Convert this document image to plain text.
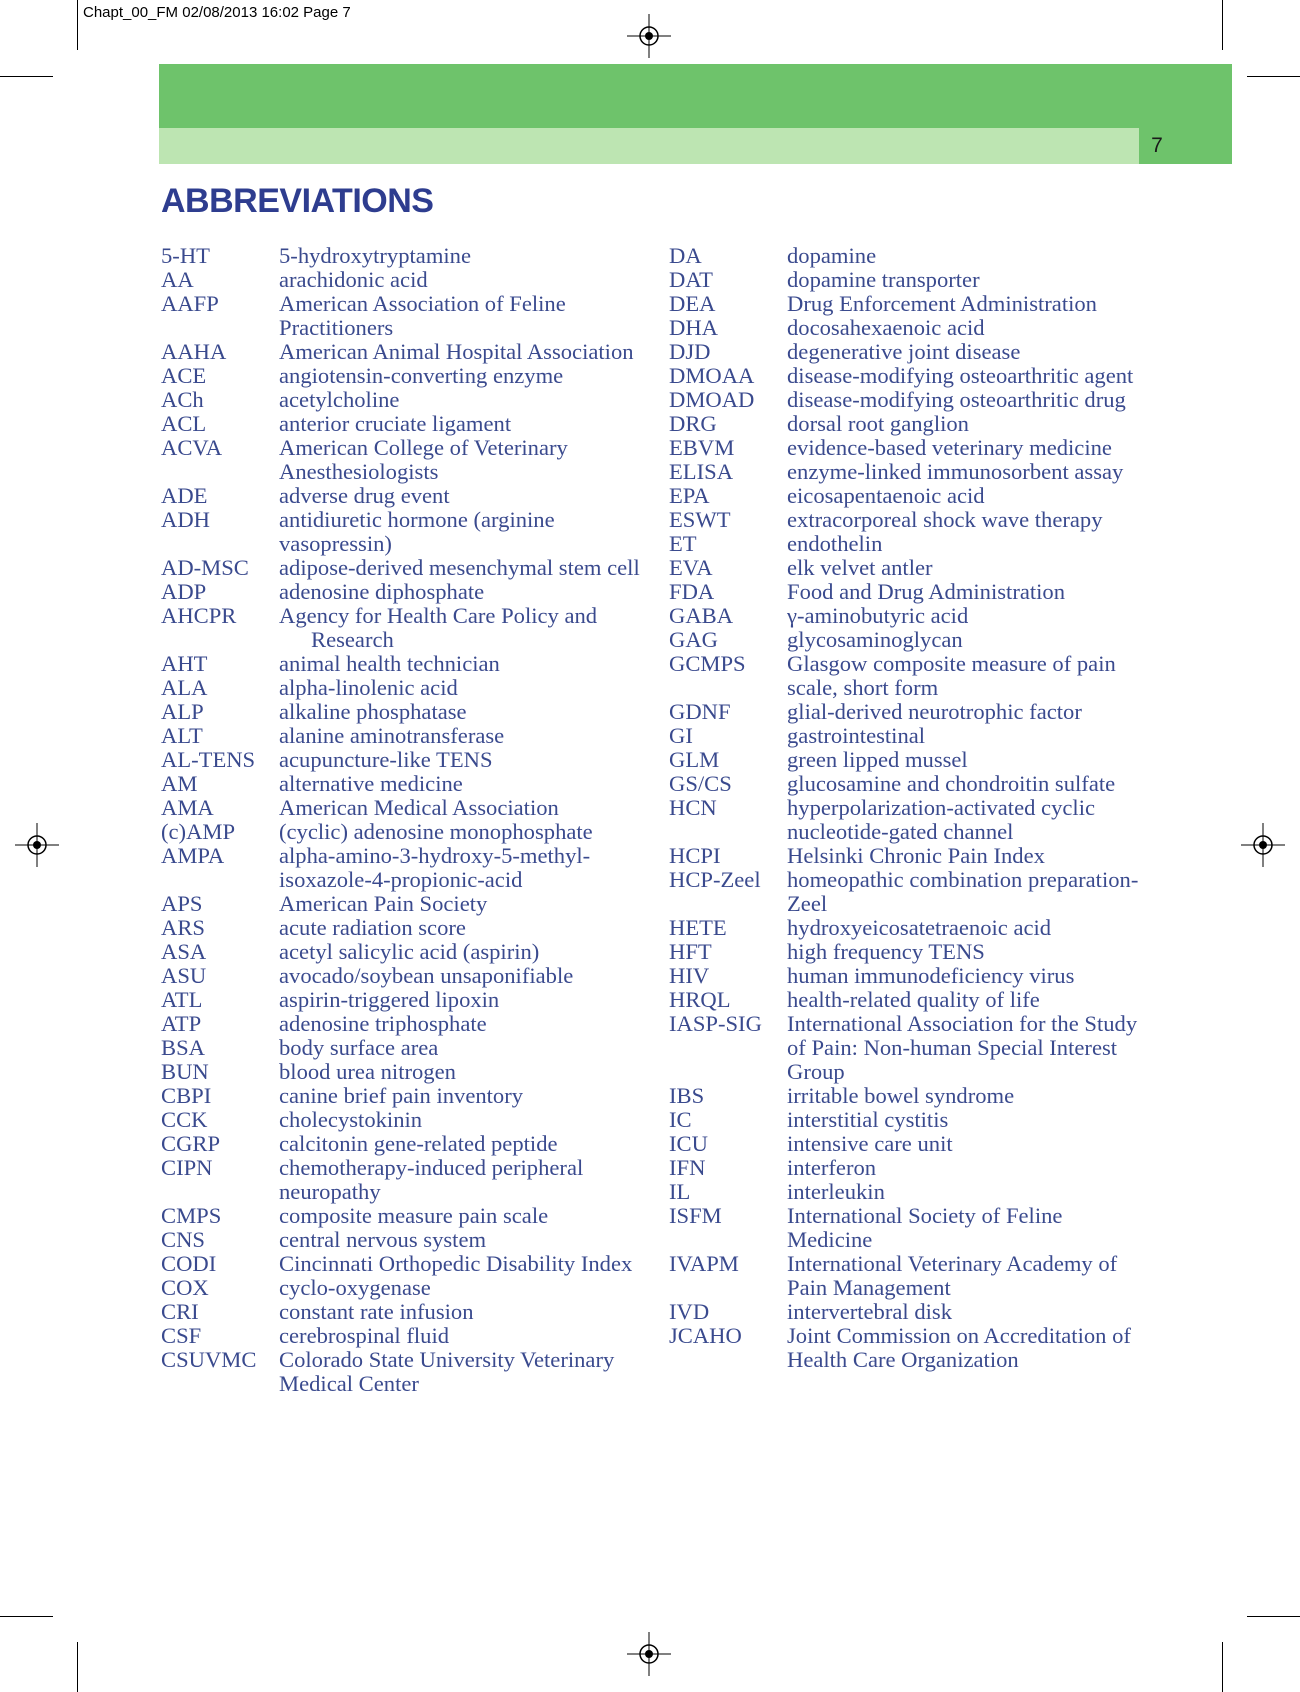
Chapt_00_FM 02/08/2013 16:02 Page 7
7
ABBREVIATIONS
5-HT	5-hydroxytryptamine
AA	arachidonic acid
AAFP	American Association of Feline Practitioners
AAHA	American Animal Hospital Association
ACE	angiotensin-converting enzyme
ACh	acetylcholine
ACL	anterior cruciate ligament
ACVA	American College of Veterinary Anesthesiologists
ADE	adverse drug event
ADH	antidiuretic hormone (arginine vasopressin)
AD-MSC	adipose-derived mesenchymal stem cell
ADP	adenosine diphosphate
AHCPR	Agency for Health Care Policy and
Research
AHT	animal health technician
ALA	alpha-linolenic acid
ALP	alkaline phosphatase
ALT	alanine aminotransferase
AL-TENS	acupuncture-like TENS
AM	alternative medicine
AMA	American Medical Association
(c)AMP	(cyclic) adenosine monophosphate
AMPA	alpha-amino-3-hydroxy-5-methyl-isoxazole-4-propionic-acid
APS	American Pain Society
ARS	acute radiation score
ASA	acetyl salicylic acid (aspirin)
ASU	avocado/soybean unsaponifiable
ATL	aspirin-triggered lipoxin
ATP	adenosine triphosphate
BSA	body surface area
BUN	blood urea nitrogen
CBPI	canine brief pain inventory
CCK	cholecystokinin
CGRP	calcitonin gene-related peptide
CIPN	chemotherapy-induced peripheral neuropathy
CMPS	composite measure pain scale
CNS	central nervous system
CODI	Cincinnati Orthopedic Disability Index
COX	cyclo-oxygenase
CRI	constant rate infusion
CSF	cerebrospinal fluid
CSUVMC Colorado State University Veterinary Medical Center
DA	dopamine
DAT	dopamine transporter
DEA	Drug Enforcement Administration
DHA	docosahexaenoic acid
DJD	degenerative joint disease
DMOAA	disease-modifying osteoarthritic agent
DMOAD	disease-modifying osteoarthritic drug
DRG	dorsal root ganglion
EBVM	evidence-based veterinary medicine
ELISA	enzyme-linked immunosorbent assay
EPA	eicosapentaenoic acid
ESWT	extracorporeal shock wave therapy
ET	endothelin
EVA	elk velvet antler
FDA	Food and Drug Administration
GABA	γ-aminobutyric acid
GAG	glycosaminoglycan
GCMPS	Glasgow composite measure of pain scale, short form
GDNF	glial-derived neurotrophic factor
GI	gastrointestinal
GLM	green lipped mussel
GS/CS	glucosamine and chondroitin sulfate
HCN	hyperpolarization-activated cyclic nucleotide-gated channel
HCPI	Helsinki Chronic Pain Index
HCP-Zeel	homeopathic combination preparation-Zeel
HETE	hydroxyeicosatetraenoic acid
HFT	high frequency TENS
HIV	human immunodeficiency virus
HRQL	health-related quality of life
IASP-SIG	International Association for the Study of Pain: Non-human Special Interest Group
IBS	irritable bowel syndrome
IC	interstitial cystitis
ICU	intensive care unit
IFN	interferon
IL	interleukin
ISFM	International Society of Feline Medicine
IVAPM	International Veterinary Academy of Pain Management
IVD	intervertebral disk
JCAHO	Joint Commission on Accreditation of Health Care Organization
